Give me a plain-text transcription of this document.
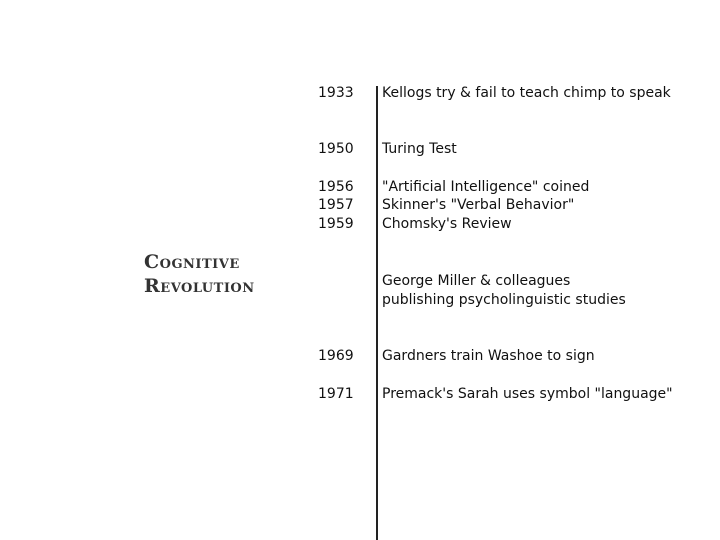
Cognitive
Revolution
1933 Kellogs try & fail to teach chimp to speak
1950 Turing Test
1956 "Artificial Intelligence" coined
1957 Skinner's "Verbal Behavior"
1959 Chomsky's Review
George Miller & colleagues
publishing psycholinguistic studies
1969 Gardners train Washoe to sign
1971 Premack's Sarah uses symbol "language"
